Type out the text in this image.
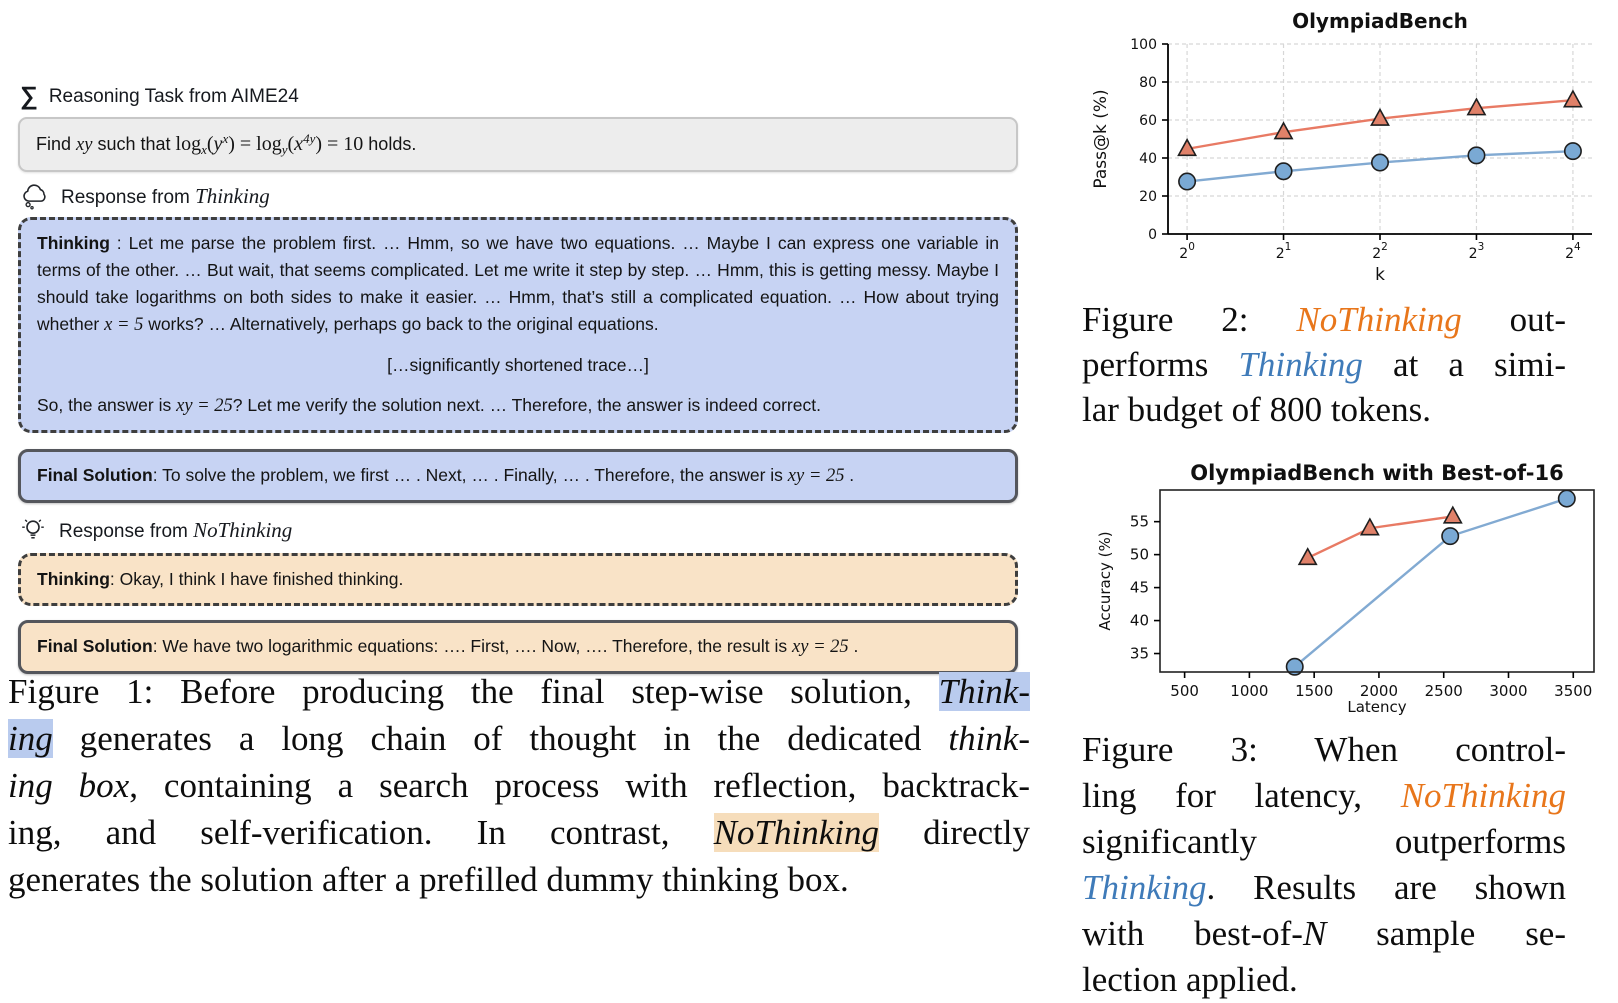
∑ Reasoning Task from AIME24
Find xy such that $\log_x(y^x) = \log_y(x^{4y}) = 10$ holds.
Response from Thinking
Thinking : Let me parse the problem first. … Hmm, so we have two equations. … Maybe I can express one variable in terms of the other. … But wait, that seems complicated. Let me write it step by step. … Hmm, this is getting messy. Maybe I should take logarithms on both sides to make it easier. … Hmm, that’s still a complicated equation. … How about trying whether x = 5 works? … Alternatively, perhaps go back to the original equations.
[…significantly shortened trace…]
So, the answer is xy = 25? Let me verify the solution next. … Therefore, the answer is indeed correct.
Final Solution: To solve the problem, we first … . Next, … . Finally, … . Therefore, the answer is xy = 25 .
Response from NoThinking
Thinking: Okay, I think I have finished thinking.
Final Solution: We have two logarithmic equations: …. First, …. Now, …. Therefore, the result is xy = 25 .
Figure 1: Before producing the final step-wise solution, Think-
ing generates a long chain of thought in the dedicated think-
ing box, containing a search process with reflection, backtrack-
ing, and self-verification. In contrast, NoThinking directly
generates the solution after a prefilled dummy thinking box.
0
20
40
60
80
100
$2^0$	$2^1$	$2^2$	$2^3$	$2^4$
OlympiadBench
k
Pass@k (%)
Figure 2: NoThinking out-
performs Thinking at a simi-
lar budget of 800 tokens.
35
40
45
50
55
500 1000 1500 2000 2500 3000 3500
OlympiadBench with Best-of-16
Latency
Accuracy (%)
Figure 3: When control-
ling for latency, NoThinking
significantly outperforms
Thinking. Results are shown
with best-of-N sample se-
lection applied.
